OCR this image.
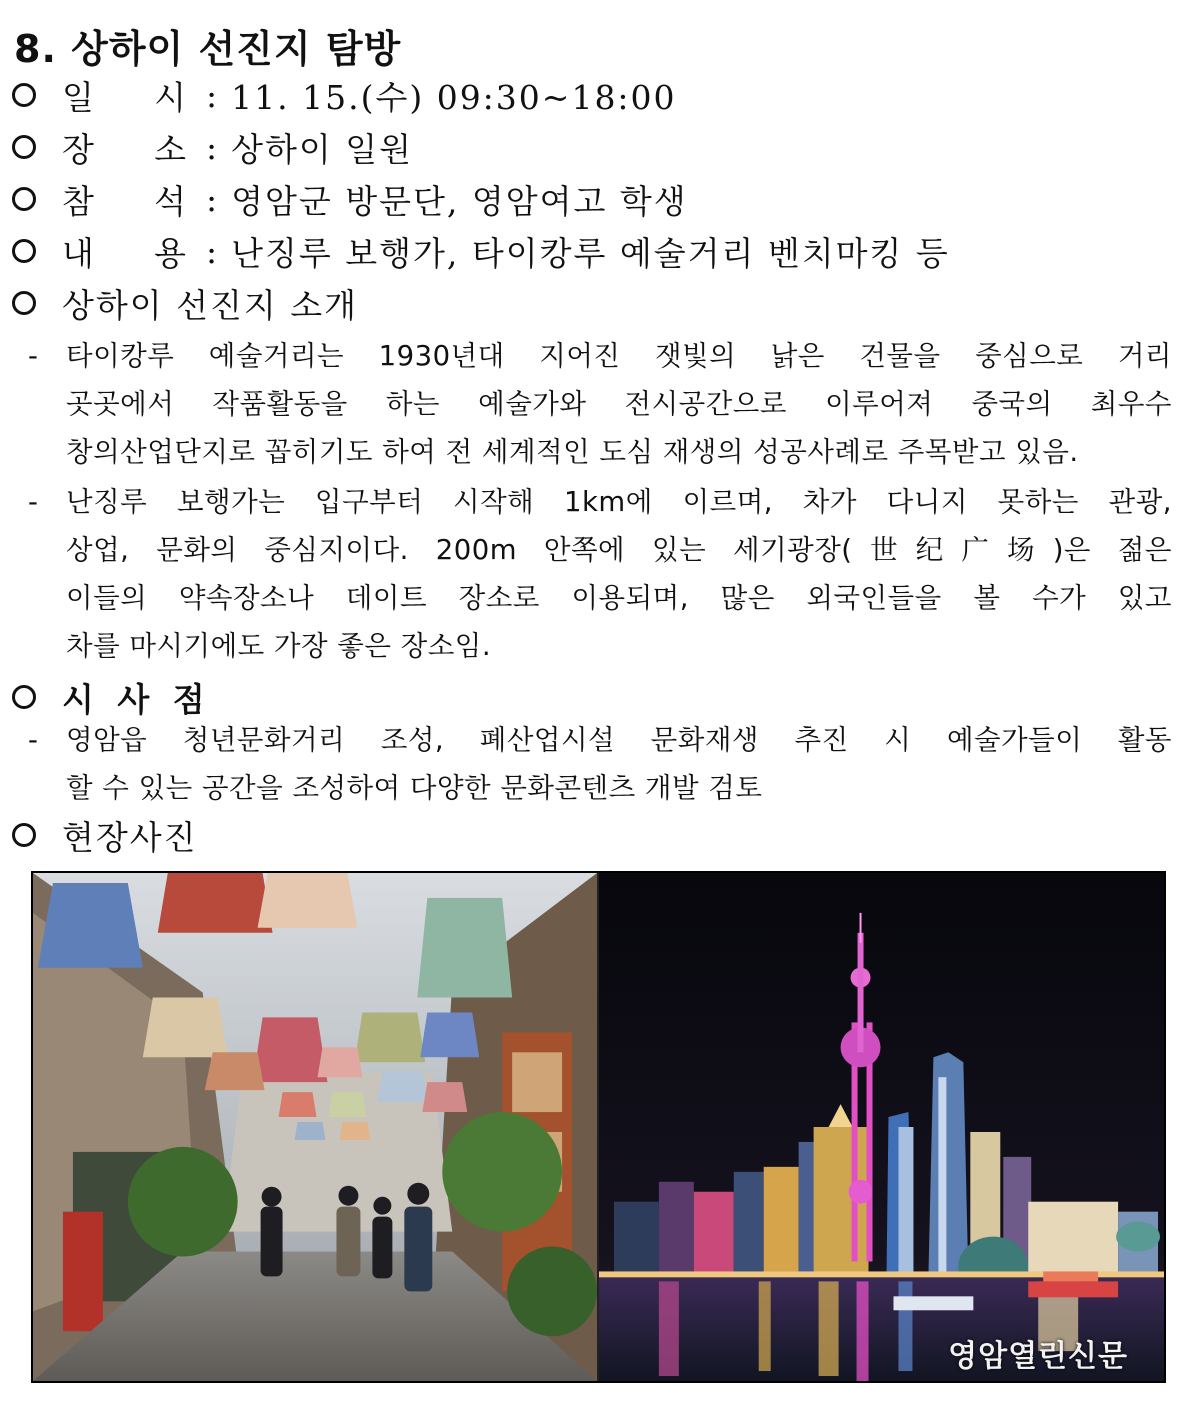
8. 상하이 선진지 탐방
일 시 : 11. 15.(수) 09:30~18:00
장 소 : 상하이 일원
참 석 : 영암군 방문단, 영암여고 학생
내 용 : 난징루 보행가, 타이캉루 예술거리 벤치마킹 등
상하이 선진지 소개
- 타이캉루 예술거리는 1930년대 지어진 잿빛의 낡은 건물을 중심으로 거리
곳곳에서 작품활동을 하는 예술가와 전시공간으로 이루어져 중국의 최우수
창의산업단지로 꼽히기도 하여 전 세계적인 도심 재생의 성공사례로 주목받고 있음.
- 난징루 보행가는 입구부터 시작해 1km에 이르며, 차가 다니지 못하는 관광,
상업, 문화의 중심지이다. 200m 안쪽에 있는 세기광장(世纪广场)은 젊은
이들의 약속장소나 데이트 장소로 이용되며, 많은 외국인들을 볼 수가 있고
차를 마시기에도 가장 좋은 장소임.
시 사 점
- 영암읍 청년문화거리 조성, 폐산업시설 문화재생 추진 시 예술가들이 활동
할 수 있는 공간을 조성하여 다양한 문화콘텐츠 개발 검토
현장사진
영암열린신문
